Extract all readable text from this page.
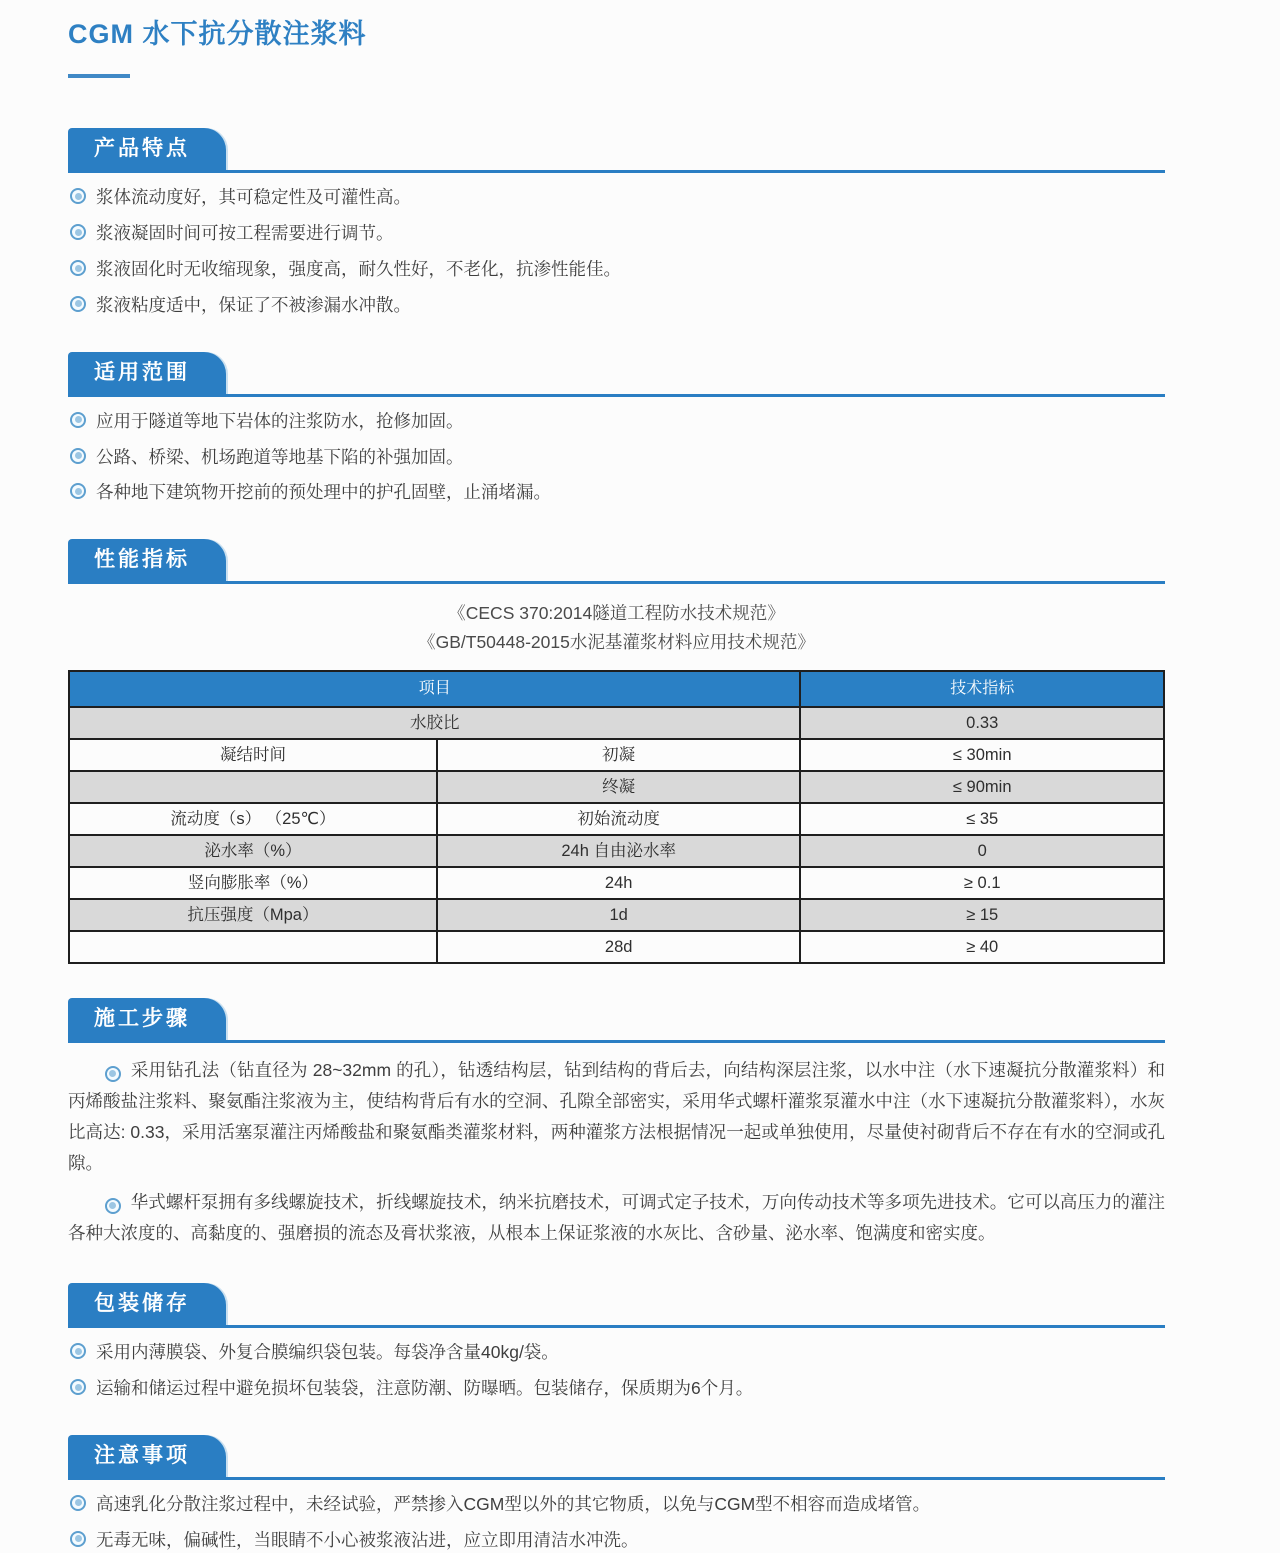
CGM 水下抗分散注浆料
产品特点
浆体流动度好，其可稳定性及可灌性高。
浆液凝固时间可按工程需要进行调节。
浆液固化时无收缩现象，强度高，耐久性好，不老化，抗渗性能佳。
浆液粘度适中，保证了不被渗漏水冲散。
适用范围
应用于隧道等地下岩体的注浆防水，抢修加固。
公路、桥梁、机场跑道等地基下陷的补强加固。
各种地下建筑物开挖前的预处理中的护孔固壁，止涌堵漏。
性能指标
《CECS 370:2014隧道工程防水技术规范》
《GB/T50448-2015水泥基灌浆材料应用技术规范》
项目		技术指标
水胶比		0.33
凝结时间	初凝	≤ 30min
	终凝	≤ 90min
流动度（s） （25℃）	初始流动度	≤ 35
泌水率（%）	24h 自由泌水率	0
竖向膨胀率（%）	24h	≥ 0.1
抗压强度（Mpa）	1d	≥ 15
	28d	≥ 40
施工步骤

采用钻孔法（钻直径为 28~32mm 的孔），钻透结构层，钻到结构的背后去，向结构深层注浆，以水中注（水下速凝抗分散灌浆料）和丙烯酸盐注浆料、聚氨酯注浆液为主，使结构背后有水的空洞、孔隙全部密实，采用华式螺杆灌浆泵灌水中注（水下速凝抗分散灌浆料），水灰比高达: 0.33，采用活塞泵灌注丙烯酸盐和聚氨酯类灌浆材料，两种灌浆方法根据情况一起或单独使用，尽量使衬砌背后不存在有水的空洞或孔隙。

华式螺杆泵拥有多线螺旋技术，折线螺旋技术，纳米抗磨技术，可调式定子技术，万向传动技术等多项先进技术。它可以高压力的灌注各种大浓度的、高黏度的、强磨损的流态及膏状浆液，从根本上保证浆液的水灰比、含砂量、泌水率、饱满度和密实度。

包装储存
采用内薄膜袋、外复合膜编织袋包装。每袋净含量40kg/袋。
运输和储运过程中避免损坏包装袋，注意防潮、防曝晒。包装储存，保质期为6个月。
注意事项
高速乳化分散注浆过程中，未经试验，严禁掺入CGM型以外的其它物质，以免与CGM型不相容而造成堵管。
无毒无味，偏碱性，当眼睛不小心被浆液沾进，应立即用清洁水冲洗。
